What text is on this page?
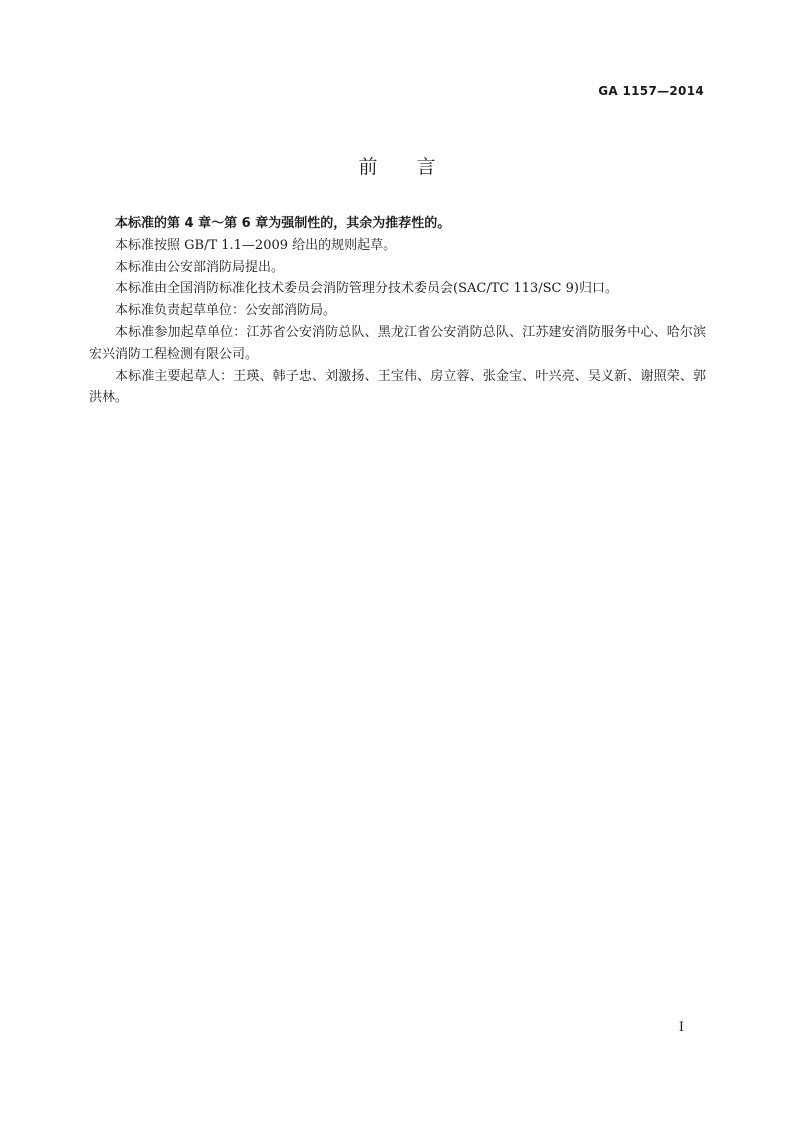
GA 1157—2014
前言

本标准的第 4 章～第 6 章为强制性的，其余为推荐性的。

本标准按照 GB/T 1.1—2009 给出的规则起草。

本标准由公安部消防局提出。

本标准由全国消防标准化技术委员会消防管理分技术委员会(SAC/TC 113/SC 9)归口。

本标准负责起草单位：公安部消防局。

本标准参加起草单位：江苏省公安消防总队、黑龙江省公安消防总队、江苏建安消防服务中心、哈尔滨宏兴消防工程检测有限公司。

本标准主要起草人：王瑛、韩子忠、刘激扬、王宝伟、房立蓉、张金宝、叶兴亮、吴义新、谢照荣、郭洪林。

I
